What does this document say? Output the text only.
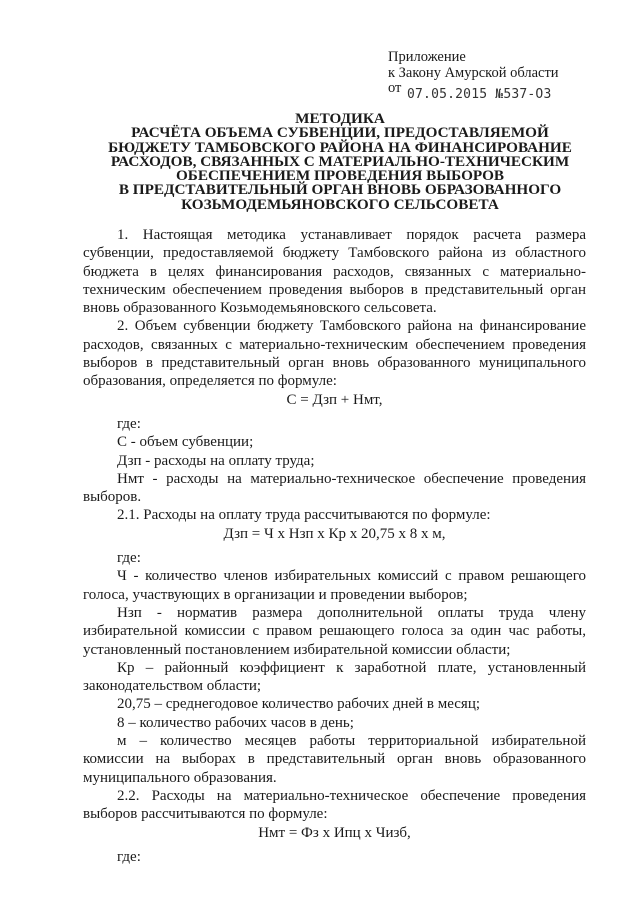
Приложение
к Закону Амурской области
от 07.05.2015 №537-ОЗ
МЕТОДИКА
РАСЧЁТА ОБЪЕМА СУБВЕНЦИИ, ПРЕДОСТАВЛЯЕМОЙ
БЮДЖЕТУ ТАМБОВСКОГО РАЙОНА НА ФИНАНСИРОВАНИЕ
РАСХОДОВ, СВЯЗАННЫХ С МАТЕРИАЛЬНО-ТЕХНИЧЕСКИМ
ОБЕСПЕЧЕНИЕМ ПРОВЕДЕНИЯ ВЫБОРОВ
В ПРЕДСТАВИТЕЛЬНЫЙ ОРГАН ВНОВЬ ОБРАЗОВАННОГО
КОЗЬМОДЕМЬЯНОВСКОГО СЕЛЬСОВЕТА

1. Настоящая методика устанавливает порядок расчета размера субвенции, предоставляемой бюджету Тамбовского района из областного бюджета в целях финансирования расходов, связанных с материально-техническим обеспечением проведения выборов в представительный орган вновь образованного Козьмодемьяновского сельсовета.

2. Объем субвенции бюджету Тамбовского района на финансирование расходов, связанных с материально-техническим обеспечением проведения выборов в представительный орган вновь образованного муниципального образования, определяется по формуле:

С = Дзп + Нмт,

где:

С - объем субвенции;

Дзп - расходы на оплату труда;

Нмт - расходы на материально-техническое обеспечение проведения выборов.

2.1. Расходы на оплату труда рассчитываются по формуле:

Дзп = Ч х Нзп х Кр х 20,75 х 8 х м,

где:

Ч - количество членов избирательных комиссий с правом решающего голоса, участвующих в организации и проведении выборов;

Нзп - норматив размера дополнительной оплаты труда члену избирательной комиссии с правом решающего голоса за один час работы, установленный постановлением избирательной комиссии области;

Кр – районный коэффициент к заработной плате, установленный законодательством области;

20,75 – среднегодовое количество рабочих дней в месяц;

8 – количество рабочих часов в день;

м – количество месяцев работы территориальной избирательной комиссии на выборах в представительный орган вновь образованного муниципального образования.

2.2. Расходы на материально-техническое обеспечение проведения выборов рассчитываются по формуле:

Нмт = Фз х Ипц х Чизб,

где:
